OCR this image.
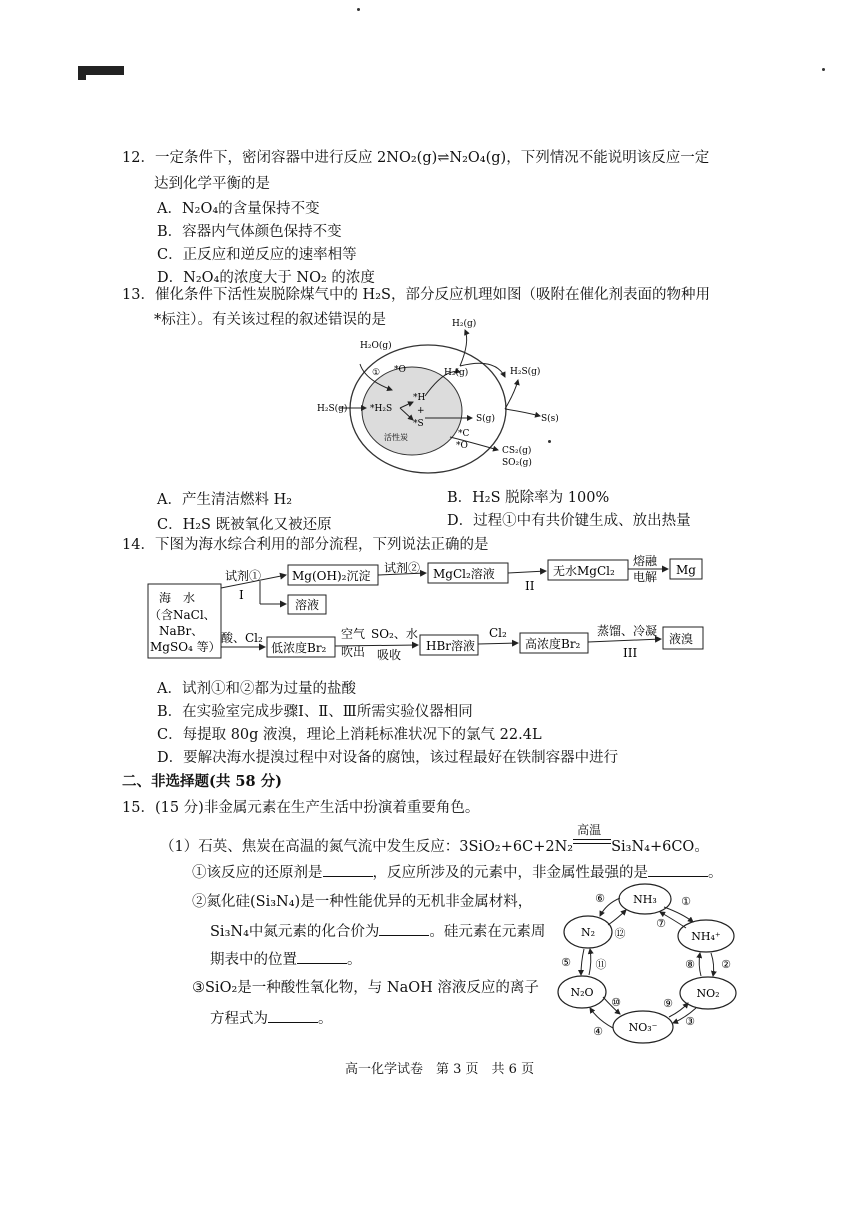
12．一定条件下，密闭容器中进行反应 2NO₂(g)⇌N₂O₄(g)，下列情况不能说明该反应一定
达到化学平衡的是
A．N₂O₄的含量保持不变
B．容器内气体颜色保持不变
C．正反应和逆反应的速率相等
D．N₂O₄的浓度大于 NO₂ 的浓度
13．催化条件下活性炭脱除煤气中的 H₂S，部分反应机理如图（吸附在催化剂表面的物种用
*标注）。有关该过程的叙述错误的是	H₂(g)
H₂O(g)
① *O	H₂(g)	H₂S(g)
H₂S(g)	*H₂S
*H
+
*S	S(g)	S(s)
活性炭	*C
*O	CS₂(g)
SO₂(g)
A．产生清洁燃料 H₂	B．H₂S 脱除率为 100%
C．H₂S 既被氧化又被还原	D．过程①中有共价键生成、放出热量
14．下图为海水综合利用的部分流程，下列说法正确的是
海　水
（含NaCl、
NaBr、
MgSO₄ 等）
试剂①
I
Mg(OH)₂沉淀
试剂② MgCl₂溶液
II
无水MgCl₂
熔融
电解 Mg
溶液
酸、Cl₂
低浓度Br₂
空气
吹出
SO₂、水
吸收
HBr溶液
Cl₂
高浓度Br₂
蒸馏、冷凝
III
液溴
A．试剂①和②都为过量的盐酸
B．在实验室完成步骤Ⅰ、Ⅱ、Ⅲ所需实验仪器相同
C．每提取 80g 液溴，理论上消耗标准状况下的氯气 22.4L
D．要解决海水提溴过程中对设备的腐蚀，该过程最好在铁制容器中进行
二、非选择题(共 58 分)
15．(15 分)非金属元素在生产生活中扮演着重要角色。
（1）石英、焦炭在高温的氮气流中发生反应：3SiO₂+6C+2N₂
高温
Si₃N₄+6CO。
①该反应的还原剂是	，反应所涉及的元素中，非金属性最强的是	。
②氮化硅(Si₃N₄)是一种性能优异的无机非金属材料，
Si₃N₄中氮元素的化合价为	。硅元素在元素周
期表中的位置	。
③SiO₂是一种酸性氧化物，与 NaOH 溶液反应的离子
方程式为	。
NH₃
N₂	NH₄⁺
N₂O	NO₂
NO₃⁻
①
②
③
④
⑤
⑥
⑦
⑧
⑨
⑩
⑪
⑫
高一化学试卷　第 3 页　共 6 页
